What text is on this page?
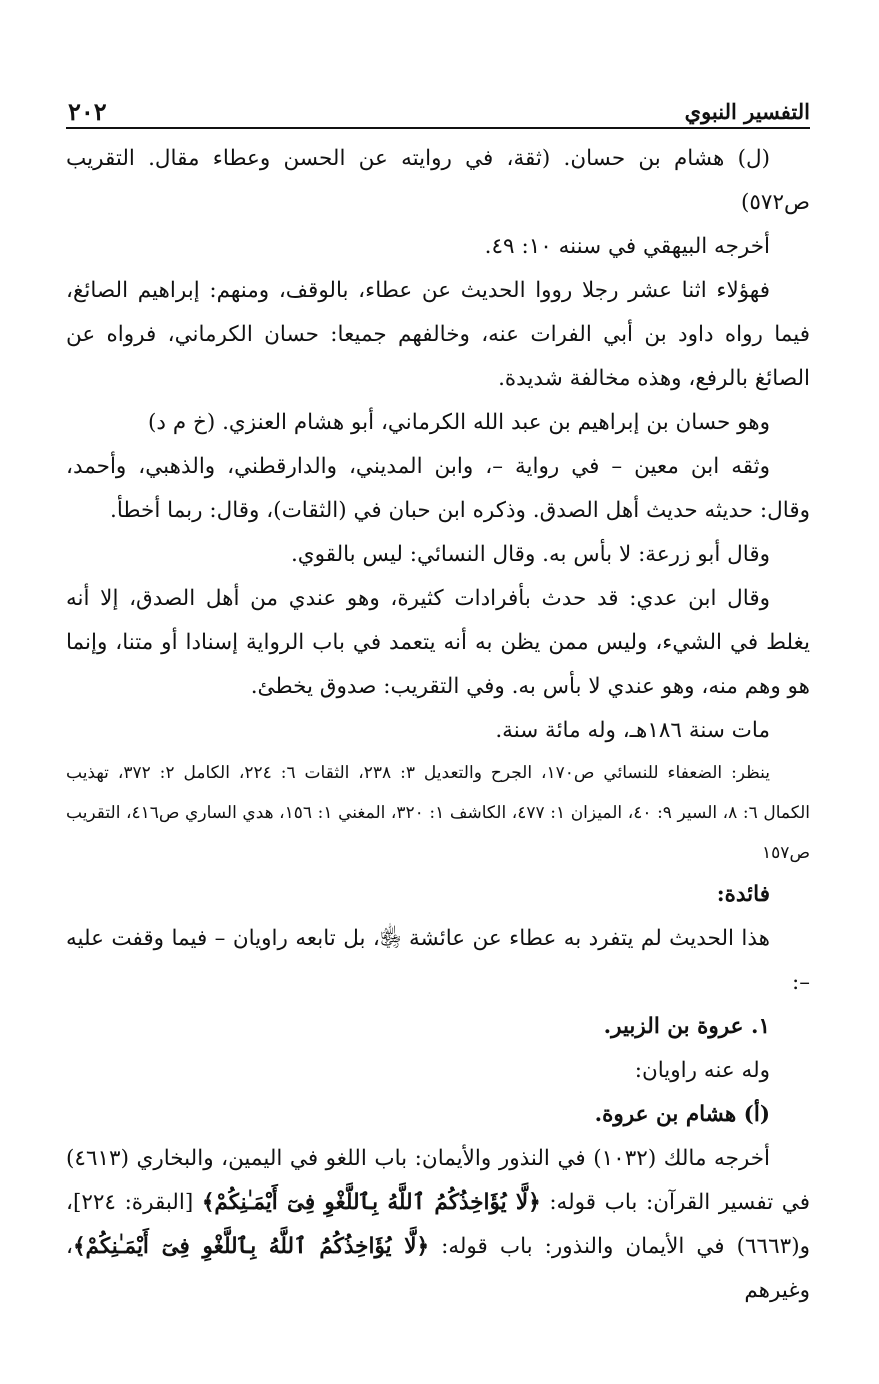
التفسير النبوي
٢٠٢

(ل) هشام بن حسان. (ثقة، في روايته عن الحسن وعطاء مقال. التقريب ص٥٧٢)

أخرجه البيهقي في سننه ١٠: ٤٩.

فهؤلاء اثنا عشر رجلا رووا الحديث عن عطاء، بالوقف، ومنهم: إبراهيم الصائغ، فيما رواه داود بن أبي الفرات عنه، وخالفهم جميعا: حسان الكرماني، فرواه عن الصائغ بالرفع، وهذه مخالفة شديدة.

وهو حسان بن إبراهيم بن عبد الله الكرماني، أبو هشام العنزي. (خ م د)

وثقه ابن معين – في رواية –، وابن المديني، والدارقطني، والذهبي، وأحمد، وقال: حديثه حديث أهل الصدق. وذكره ابن حبان في (الثقات)، وقال: ربما أخطأ.

وقال أبو زرعة: لا بأس به. وقال النسائي: ليس بالقوي.

وقال ابن عدي: قد حدث بأفرادات كثيرة، وهو عندي من أهل الصدق، إلا أنه يغلط في الشيء، وليس ممن يظن به أنه يتعمد في باب الرواية إسنادا أو متنا، وإنما هو وهم منه، وهو عندي لا بأس به. وفي التقريب: صدوق يخطئ.

مات سنة ١٨٦هـ، وله مائة سنة.

ينظر: الضعفاء للنسائي ص١٧٠، الجرح والتعديل ٣: ٢٣٨، الثقات ٦: ٢٢٤، الكامل ٢: ٣٧٢، تهذيب الكمال ٦: ٨، السير ٩: ٤٠، الميزان ١: ٤٧٧، الكاشف ١: ٣٢٠، المغني ١: ١٥٦، هدي الساري ص٤١٦، التقريب ص١٥٧

فائدة:

هذا الحديث لم يتفرد به عطاء عن عائشة ﵂، بل تابعه راويان – فيما وقفت عليه –:

١. عروة بن الزبير.

وله عنه راويان:

(أ) هشام بن عروة.

أخرجه مالك (١٠٣٢) في النذور والأيمان: باب اللغو في اليمين، والبخاري (٤٦١٣) في تفسير القرآن: باب قوله: ﴿لَّا يُؤَاخِذُكُمُ ٱللَّهُ بِٱللَّغْوِ فِىٓ أَيْمَـٰنِكُمْ﴾ [البقرة: ٢٢٤]، و(٦٦٦٣) في الأيمان والنذور: باب قوله: ﴿لَّا يُؤَاخِذُكُمُ ٱللَّهُ بِٱللَّغْوِ فِىٓ أَيْمَـٰنِكُمْ﴾، وغيرهم
